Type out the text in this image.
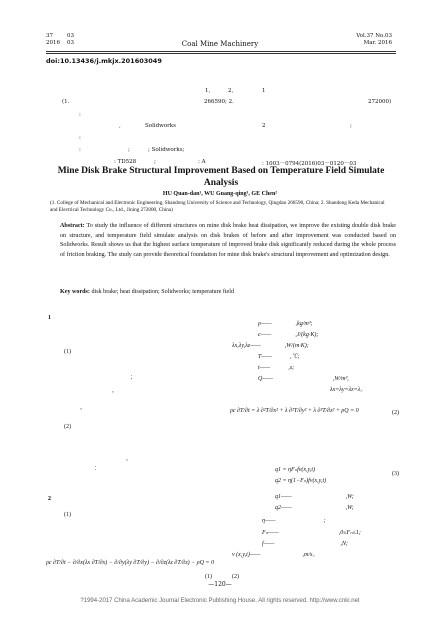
37	03
2016 03	Coal Mine Machinery
Vol.37 No.03
Mar. 2016
doi:10.13436/j.mkjx.201603049
1,	2,	1
(1.	266590; 2.	272000)
:
,	Solidworks	2	;
:
:	;	; Solidworks;
: TD528	;	: A	: 1003－0794(2016)03－0120－03
Mine Disk Brake Structural Improvement Based on Temperature Field Simulate Analysis
HU Quan-dan¹, WU Guang-qing¹, GE Chen²
(1. College of Mechanical and Electronic Engineering, Shandong University of Science and Technology, Qingdao 266590, China; 2. Shandong Keda Mechanical and Electrical Technology Co., Ltd., Jining 272000, China)
Abstract: To study the influence of different structures on mine disk brake heat dissipation, we improve the existing double disk brake on structure, and temperature field simulate analysis on disk brakes of before and after improvement was conducted based on Solidworks. Result shows us that the highest surface temperature of improved brake disk significantly reduced during the whole process of friction braking. The study can provide theoretical foundation for mine disk brake's structural improvement and optimization design.
Key words: disk brake; heat dissipation; Solidworks; temperature field
1
(1)
；
，
，
(2)
，
：
2
(1)
ρc ∂T/∂t − ∂/∂x(λx ∂T/∂x) − ∂/∂y(λy ∂T/∂y) − ∂/∂z(λz ∂T/∂z) − ρQ = 0
(1)	(2)
ρ——　　　　,kg/m³;
c——　　　　,J/(kg·K);
λx,λy,λz——　　　　,W/(m·K);
T——　　　,℃;
t——　　　,s;
Q——　　　　　　　　　　,W/m³,
λx=λy=λz=λ。
ρc ∂T/∂t = λ ∂²T/∂x² + λ ∂²T/∂y² + λ ∂²T/∂z² + ρQ = 0	(2)
q1 = ηFₙfv(x,y,t)
q2 = η(1−Fₙ)fv(x,y,t)
(3)
q1——　　　　　　　　　,W;
q2——　　　　　　　　　,W;
η——　　　　　　　　;
Fₙ——　　　　　　　　　　,0≤Fₙ≤1;
f——　　　　　　　　　　　,N;
v (x,y,t)——　　　　　　　,m/s。
—120—
?1994-2017 China Academic Journal Electronic Publishing House. All rights reserved. http://www.cnki.net
